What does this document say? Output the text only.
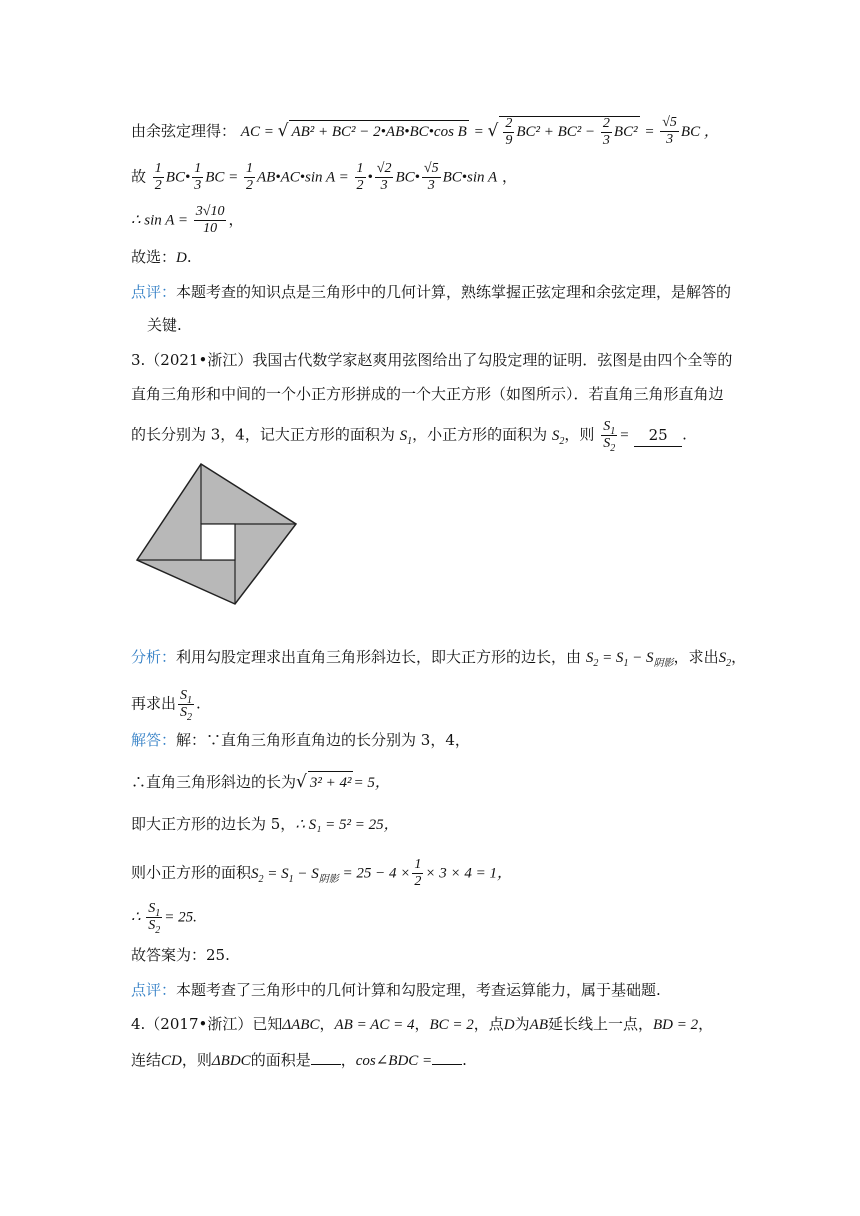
由余弦定理得： AC = √ AB² + BC² − 2•AB•BC•cos B = √ $\frac{2}{9} BC^2 + BC^2 - \frac{2}{3} BC^2 = \frac{√5}{3}$ BC ，
故 $\frac{1}{2}$ BC• $\frac{1}{3}$ BC = $\frac{1}{2}$ AB•AC•sin $A = \frac{1}{2}$ • $\frac{√2}{3}$ BC• $\frac{√5}{3}$ BC•sin A ，
∴ $\sin A = \frac{3√10}{10}$ ，
故选：D.
点评：本题考查的知识点是三角形中的几何计算，熟练掌握正弦定理和余弦定理，是解答的
关键.
3.（2021•浙江）我国古代数学家赵爽用弦图给出了勾股定理的证明．弦图是由四个全等的
直角三角形和中间的一个小正方形拼成的一个大正方形（如图所示）．若直角三角形直角边
的长分别为 3，4，记大正方形的面积为 $S_1$，小正方形的面积为 $S_2$，则 $\frac{S_1}{S_2} = 25$ .
分析：利用勾股定理求出直角三角形斜边长，即大正方形的边长，由 $S_2 = S_1 - S_{阴影}$，求出$S_2$，
再求出 $\frac{S_1}{S_2}$ .
解答：解：∵直角三角形直角边的长分别为 3，4，
∴直角三角形斜边的长为√ 3² + 4² = 5，
即大正方形的边长为 5，∴ S₁ = 5² = 25，
则小正方形的面积$S_2 = S_1 - S_{阴影} = 25 - 4 \times \frac{1}{2} \times 3 \times 4 = 1$，
∴ $\frac{S_1}{S_2} = 25$.
故答案为：25.
点评：本题考查了三角形中的几何计算和勾股定理，考查运算能力，属于基础题.
4.（2017•浙江）已知ΔABC，AB = AC = 4，BC = 2，点D为AB延长线上一点，BD = 2，
连结CD，则ΔBDC的面积是 ，cos∠BDC = .
